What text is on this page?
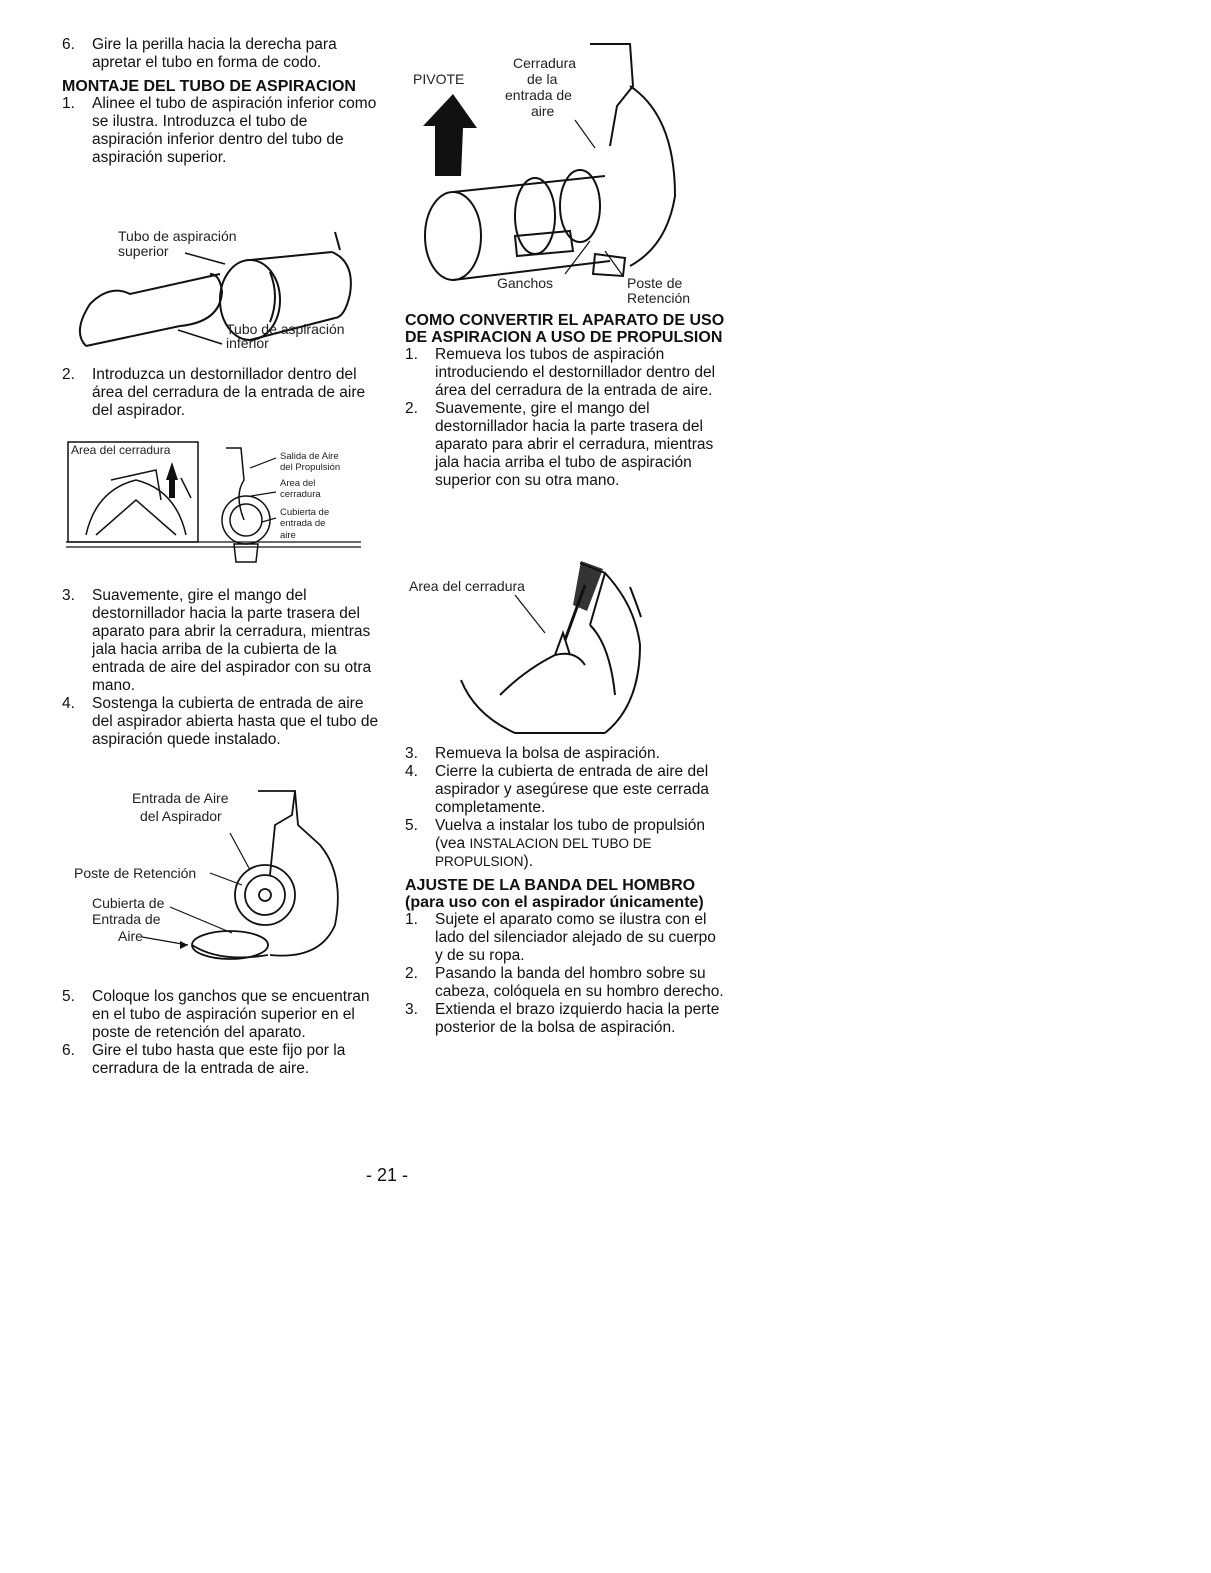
6.	Gire la perilla hacia la derecha para apretar el tubo en forma de codo.
MONTAJE DEL TUBO DE ASPIRACION
1.	Alinee el tubo de aspiración inferior como se ilustra. Introduzca el tubo de aspiración inferior dentro del tubo de aspiración superior.
Tubo de aspiración
superior
Tubo de aspiración
inferior
2.	Introduzca un destornillador dentro del área del cerradura de la entrada de aire del aspirador.
Area del cerradura	Salida de Aire
del Propulsión
Area del
cerradura
Cubierta de
entrada de
aire
3.	Suavemente, gire el mango del destornillador hacia la parte trasera del aparato para abrir la cerradura, mientras jala hacia arriba de la cubierta de la entrada de aire del aspirador con su otra mano.
4.	Sostenga la cubierta de entrada de aire del aspirador abierta hasta que el tubo de aspiración quede instalado.
Entrada de Aire
del Aspirador
Poste de Retención
Cubierta de
Entrada de
Aire
5.	Coloque los ganchos que se encuentran en el tubo de aspiración superior en el poste de retención del aparato.
6.	Gire el tubo hasta que este fijo por la cerradura de la entrada de aire.
PIVOTE
Cerradura
de la
entrada de
aire
Ganchos	Poste de
Retención
COMO CONVERTIR EL APARATO DE USO DE ASPIRACION A USO DE PROPULSION
1.	Remueva los tubos de aspiración introduciendo el destornillador dentro del área del cerradura de la entrada de aire.
2.	Suavemente, gire el mango del destornillador hacia la parte trasera del aparato para abrir el cerradura, mientras jala hacia arriba el tubo de aspiración superior con su otra mano.
Area del cerradura
3.	Remueva la bolsa de aspiración.
4.	Cierre la cubierta de entrada de aire del aspirador y asegúrese que este cerrada completamente.
5.	Vuelva a instalar los tubo de propulsión (vea INSTALACION DEL TUBO DE PROPULSION).
AJUSTE DE LA BANDA DEL HOMBRO (para uso con el aspirador únicamente)
1.	Sujete el aparato como se ilustra con el lado del silenciador alejado de su cuerpo y de su ropa.
2.	Pasando la banda del hombro sobre su cabeza, colóquela en su hombro derecho.
3.	Extienda el brazo izquierdo hacia la perte posterior de la bolsa de aspiración.
- 21 -
